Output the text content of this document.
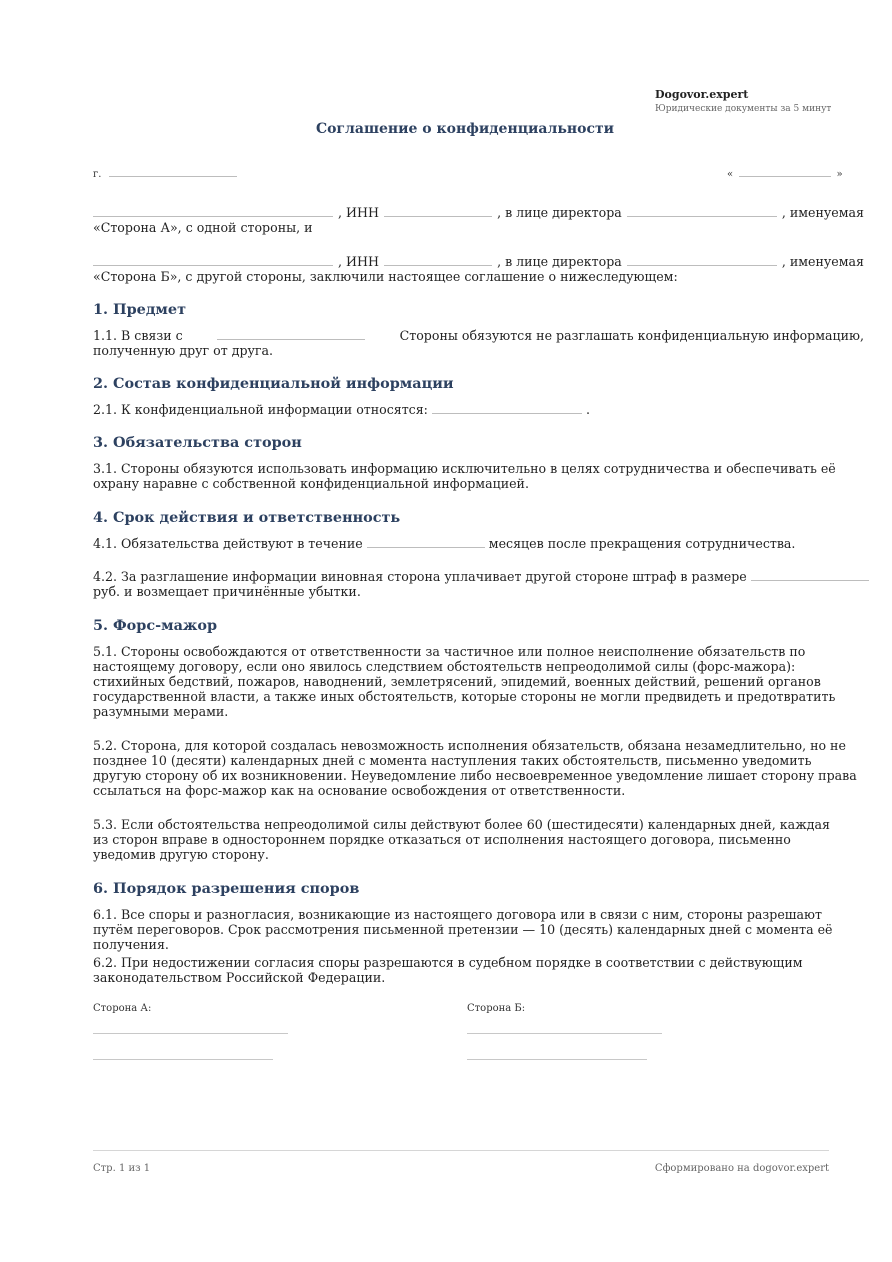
Dogovor.expert
Юридические документы за 5 минут
Соглашение о конфиденциальности
г.	«	»
, ИНН	, в лице директора	, именуемая
«Сторона А», с одной стороны, и
, ИНН	, в лице директора	, именуемая
«Сторона Б», с другой стороны, заключили настоящее соглашение о нижеследующем:
1. Предмет
1.1. В связи с	Стороны обязуются не разглашать конфиденциальную информацию,
полученную друг от друга.
2. Состав конфиденциальной информации
2.1. К конфиденциальной информации относятся:	.
3. Обязательства сторон
3.1. Стороны обязуются использовать информацию исключительно в целях сотрудничества и обеспечивать её охрану наравне с собственной конфиденциальной информацией.
4. Срок действия и ответственность
4.1. Обязательства действуют в течение	месяцев после прекращения сотрудничества.
4.2. За разглашение информации виновная сторона уплачивает другой стороне штраф в размере
руб. и возмещает причинённые убытки.
5. Форс-мажор
5.1. Стороны освобождаются от ответственности за частичное или полное неисполнение обязательств по настоящему договору, если оно явилось следствием обстоятельств непреодолимой силы (форс-мажора): стихийных бедствий, пожаров, наводнений, землетрясений, эпидемий, военных действий, решений органов государственной власти, а также иных обстоятельств, которые стороны не могли предвидеть и предотвратить разумными мерами.
5.2. Сторона, для которой создалась невозможность исполнения обязательств, обязана незамедлительно, но не позднее 10 (десяти) календарных дней с момента наступления таких обстоятельств, письменно уведомить другую сторону об их возникновении. Неуведомление либо несвоевременное уведомление лишает сторону права ссылаться на форс-мажор как на основание освобождения от ответственности.
5.3. Если обстоятельства непреодолимой силы действуют более 60 (шестидесяти) календарных дней, каждая из сторон вправе в одностороннем порядке отказаться от исполнения настоящего договора, письменно уведомив другую сторону.
6. Порядок разрешения споров
6.1. Все споры и разногласия, возникающие из настоящего договора или в связи с ним, стороны разрешают путём переговоров. Срок рассмотрения письменной претензии — 10 (десять) календарных дней с момента её получения.
6.2. При недостижении согласия споры разрешаются в судебном порядке в соответствии с действующим законодательством Российской Федерации.
Сторона А:	Сторона Б:
Стр. 1 из 1	Сформировано на dogovor.expert
